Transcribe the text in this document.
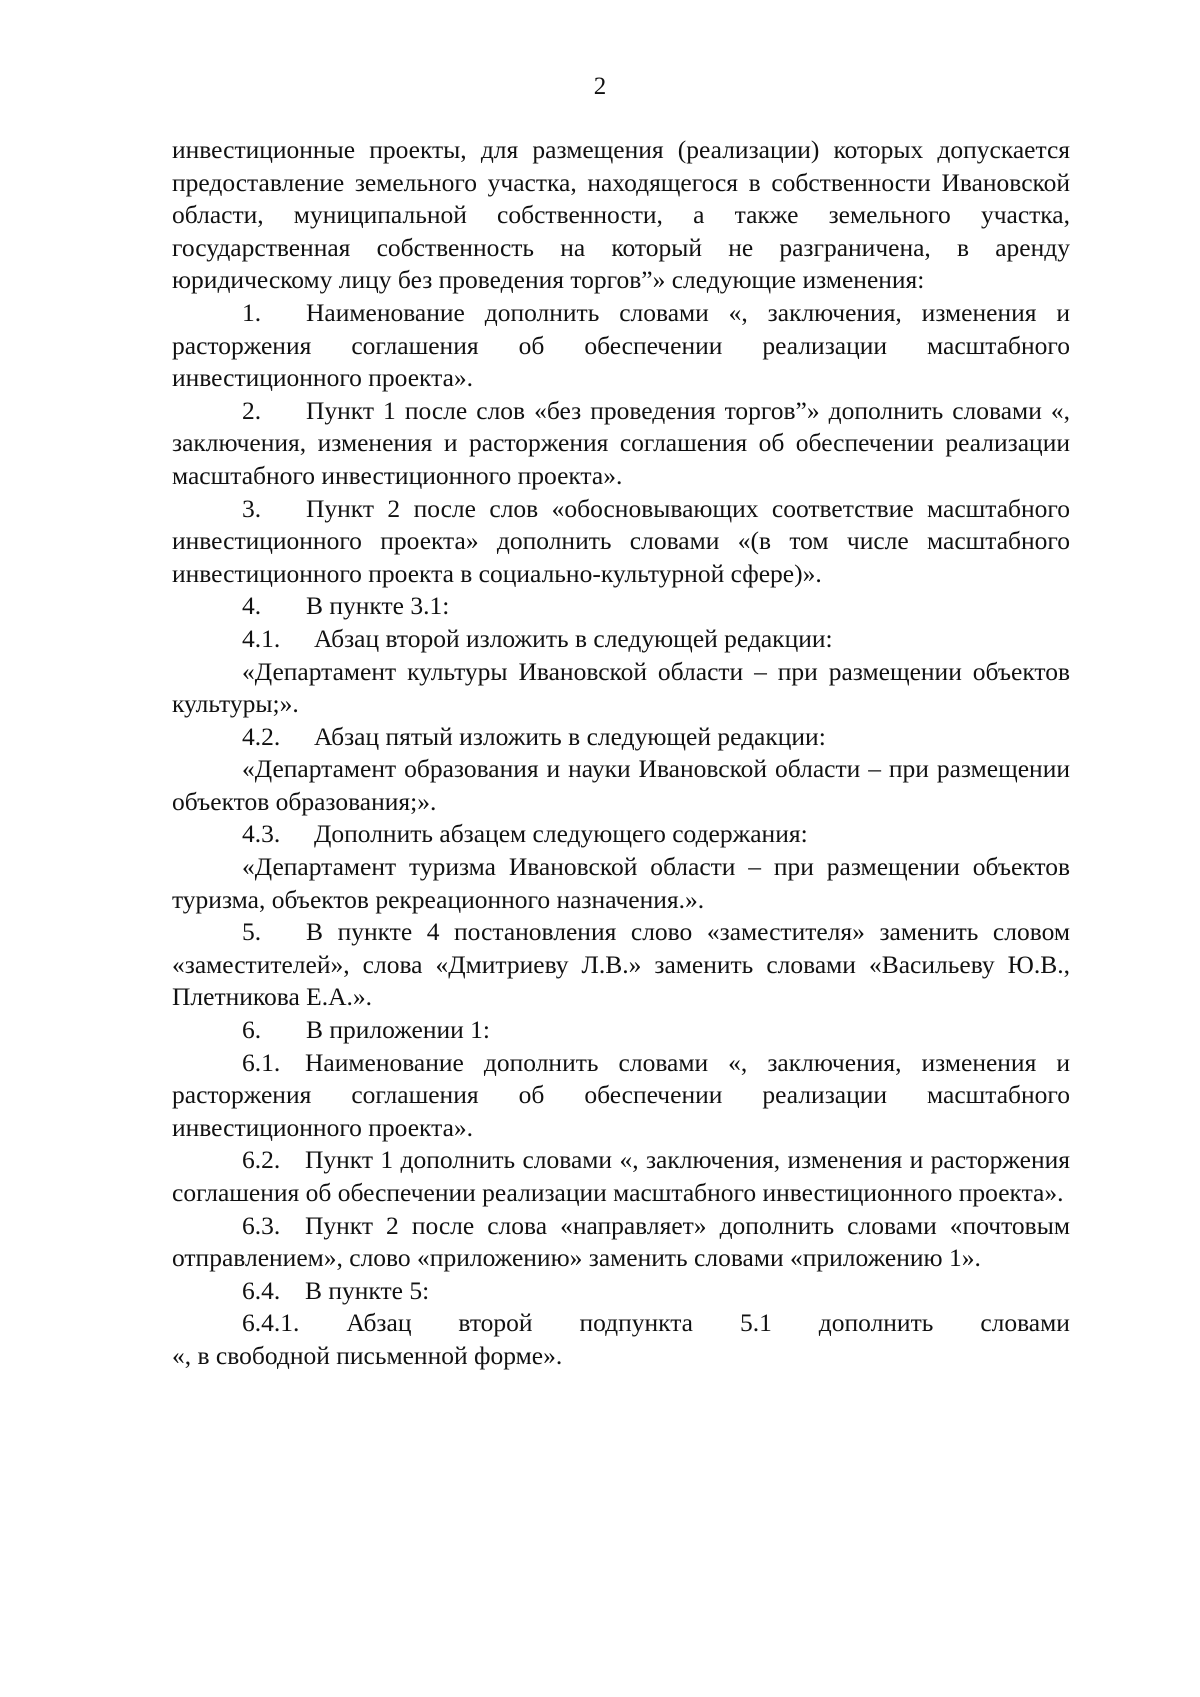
2

инвестиционные проекты, для размещения (реализации) которых допускается предоставление земельного участка, находящегося в собственности Ивановской области, муниципальной собственности, а также земельного участка, государственная собственность на который не разграничена, в аренду юридическому лицу без проведения торгов”» следующие изменения:

1. Наименование дополнить словами «, заключения, изменения и расторжения соглашения об обеспечении реализации масштабного инвестиционного проекта».

2. Пункт 1 после слов «без проведения торгов”» дополнить словами «, заключения, изменения и расторжения соглашения об обеспечении реализации масштабного инвестиционного проекта».

3. Пункт 2 после слов «обосновывающих соответствие масштабного инвестиционного проекта» дополнить словами «(в том числе масштабного инвестиционного проекта в социально-культурной сфере)».

4. В пункте 3.1:

4.1. Абзац второй изложить в следующей редакции:

«Департамент культуры Ивановской области – при размещении объектов культуры;».

4.2. Абзац пятый изложить в следующей редакции:

«Департамент образования и науки Ивановской области – при размещении объектов образования;».

4.3. Дополнить абзацем следующего содержания:

«Департамент туризма Ивановской области – при размещении объектов туризма, объектов рекреационного назначения.».

5. В пункте 4 постановления слово «заместителя» заменить словом «заместителей», слова «Дмитриеву Л.В.» заменить словами «Васильеву Ю.В., Плетникова Е.А.».

6. В приложении 1:

6.1. Наименование дополнить словами «, заключения, изменения и расторжения соглашения об обеспечении реализации масштабного инвестиционного проекта».

6.2. Пункт 1 дополнить словами «, заключения, изменения и расторжения соглашения об обеспечении реализации масштабного инвестиционного проекта».

6.3. Пункт 2 после слова «направляет» дополнить словами «почтовым отправлением», слово «приложению» заменить словами «приложению 1».

6.4. В пункте 5:

6.4.1. Абзац второй подпункта 5.1 дополнить словами

«, в свободной письменной форме».
